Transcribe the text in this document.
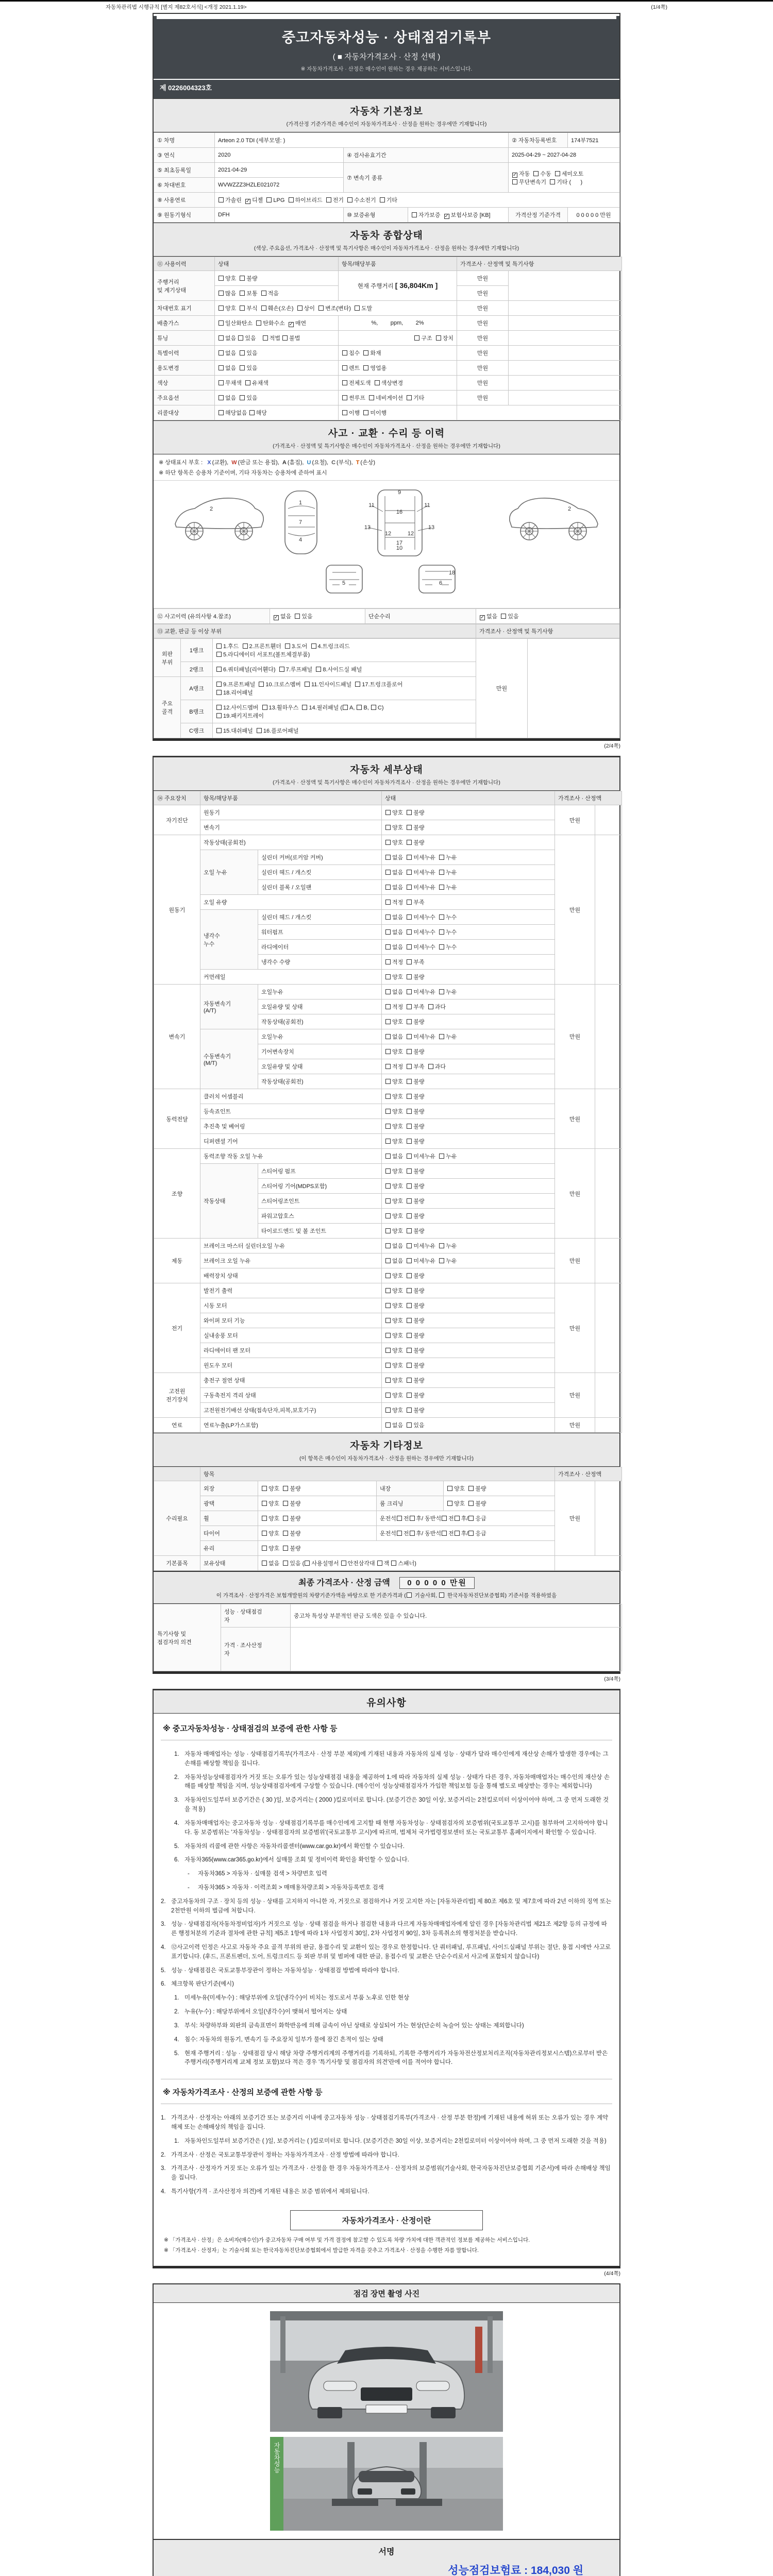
자동차관리법 시행규칙 [별지 제82호서식] <개정 2021.1.19>	(1/4쪽)
중고자동차성능 · 상태점검기록부
( ■ 자동차가격조사 · 산정 선택 )
※ 자동차가격조사 · 산정은 매수인이 원하는 경우 제공하는 서비스입니다.
제 0226004323호
자동차 기본정보
(가격산정 기준가격은 매수인이 자동차가격조사 · 산정을 원하는 경우에만 기재합니다)
① 차명	Arteon 2.0 TDI (세부모델: )			② 자동차등록번호	174부7521
③ 연식	2020	④ 검사유효기간		2025-04-29 ~ 2027-04-28	
⑤ 최초등록일	2021-04-29	⑦ 변속기 종류		✓ 자동  수동  세미오토
무단변속기  기타 (      )	
⑥ 차대번호	WVWZZZ3HZLE021072				
⑧ 사용연료	가솔린  ✓ 디젤  LPG  하이브리드  전기  수소전기  기타				
⑨ 원동기형식	DFH	⑩ 보증유형	자가보증  ✓ 보험사보증 [KB]	가격산정 기준가격	0 0 0 0 0 만원
자동차 종합상태
(색상, 주요옵션, 가격조사 · 산정액 및 특기사항은 매수인이 자동차가격조사 · 산정을 원하는 경우에만 기재합니다)
⑪ 사용이력	상태	항목/해당부품	가격조사 · 산정액 및 특기사항	
주행거리
및 계기상태	양호  불량	현재 주행거리 [ 36,804Km ]	만원	
	많음  보통  적음		만원	
차대번호 표기	양호  부식  훼손(오손)  상이  변조(변타)  도말		만원	
배출가스	일산화탄소  탄화수소  ✓ 매연	%,        ppm,        2%	만원	
튜닝	없음 있음    적법 불법	구조  장치	만원	
특별이력	없음  있음	침수  화재	만원	
용도변경	없음  있음	렌트  영업용	만원	
색상	무채색  유채색	전체도색  색상변경	만원	
주요옵션	없음  있음	썬루프  네비게이션  기타	만원	
리콜대상	해당없음 해당	이행  미이행		
사고 · 교환 · 수리 등 이력
(가격조사 · 산정액 및 특기사항은 매수인이 자동차가격조사 · 산정을 원하는 경우에만 기재합니다)
※ 상태표시 부호 : X (교환), W (판금 또는 용접), A (흠집), U (요철), C (부식), T (손상)
※ 하단 항목은 승용차 기준이며, 기타 자동차는 승용차에 준하여 표시
2
1
7
4
9
11	11
13	13
12	12
10
16
17
2
5	6
18
⑫ 사고이력 (유의사항 4.참조)	✓ 없음  있음	단순수리	✓ 없음  있음
⑬ 교환, 판금 등 이상 부위	가격조사 · 산정액 및 특기사항
외판
부위	1랭크	1.후드  2.프론트휀더  3.도어  4.트렁크리드
5.라디에이터 서포트(볼트체결부품)	만원	
	2랭크	6.쿼터패널(리어휀다)  7.루프패널  8.사이드실 패널		
주요
골격	A랭크	9.프론트패널  10.크로스멤버  11.인사이드패널  17.트렁크플로어
18.리어패널		
	B랭크	12.사이드멤버  13.휠하우스  14.필러패널 ( A, B, C)
19.패키지트레이		
	C랭크	15.대쉬패널  16.플로어패널		
(2/4쪽)
자동차 세부상태
(가격조사 · 산정액 및 특기사항은 매수인이 자동차가격조사 · 산정을 원하는 경우에만 기재합니다)
⑭ 주요장치	항목/해당부품		상태	가격조사 · 산정액	
자기진단	원동기		양호  불량	만원	
	변속기		양호  불량		
원동기	작동상태(공회전)		양호  불량	만원	
	오일 누유	실린더 커버(로커암 커버)	없음  미세누유  누유		
		실린더 헤드 / 개스킷	없음  미세누유  누유		
		실린더 블록 / 오일팬	없음  미세누유  누유		
	오일 유량		적정  부족		
	냉각수
누수	실린더 헤드 / 개스킷	없음  미세누수  누수		
		워터펌프	없음  미세누수  누수		
		라디에이터	없음  미세누수  누수		
		냉각수 수량	적정  부족		
	커먼레일		양호  불량		
변속기	자동변속기
(A/T)	오일누유	없음  미세누유  누유	만원	
		오일유량 및 상태	적정  부족  과다		
		작동상태(공회전)	양호  불량		
	수동변속기
(M/T)	오일누유	없음  미세누유  누유		
		기어변속장치	양호  불량		
		오일유량 및 상태	적정  부족  과다		
		작동상태(공회전)	양호  불량		
동력전달	클러치 어셈블리		양호  불량	만원	
	등속죠인트		양호  불량		
	추진축 및 베어링		양호  불량		
	디퍼렌셜 기어		양호  불량		
조향	동력조향 작동 오일 누유		없음  미세누유  누유	만원	
	작동상태	스티어링 펌프	양호  불량		
		스티어링 기어(MDPS포함)	양호  불량		
		스티어링조인트	양호  불량		
		파워고압호스	양호  불량		
		타이로드엔드 및 볼 조인트	양호  불량		
제동	브레이크 마스터 실린더오일 누유		없음  미세누유  누유	만원	
	브레이크 오일 누유		없음  미세누유  누유		
	배력장치 상태		양호  불량		
전기	발전기 출력		양호  불량	만원	
	시동 모터		양호  불량		
	와이퍼 모터 기능		양호  불량		
	실내송풍 모터		양호  불량		
	라디에이터 팬 모터		양호  불량		
	윈도우 모터		양호  불량		
고전원
전기장치	충전구 절연 상태		양호  불량	만원	
	구동축전지 격리 상태		양호  불량		
	고전원전기배선 상태(접속단자,피복,보호기구)		양호  불량		
연료	연료누출(LP가스포함)		없음  있음	만원	
자동차 기타정보
(이 항목은 매수인이 자동차가격조사 · 산정을 원하는 경우에만 기재합니다)
	항목				가격조사 · 산정액	
수리필요	외장	양호  불량	내장	양호  불량	만원	
	광택	양호  불량	룸 크리닝	양호  불량		
	휠	양호  불량	운전석 전 후/ 동반석 전 후/ 응급			
	타이어	양호  불량	운전석 전 후/ 동반석 전 후/ 응급			
	유리	양호  불량				
기본품목	보유상태	없음  있음 ( 사용설명서 안전삼각대 잭 스패너)				
최종 가격조사 · 산정 금액 0 0 0 0 0 만원
이 가격조사 · 산정가격은 보험개발원의 차량기준가액을 바탕으로 한 기준가격과 ( 기술사회,  한국자동차진단보증협회) 기준서를 적용하였음
특기사항 및
점검자의 의견	성능 · 상태점검
자	중고차 특성상 부분적인 판금 도색은 있을 수 있습니다.
	가격 · 조사산정
자	
(3/4쪽)
유의사항
※ 중고자동차성능 · 상태점검의 보증에 관한 사항 등
1. 자동차 매매업자는 성능 · 상태점검기록부(가격조사 · 산정 부분 제외)에 기재된 내용과 자동차의 실제 성능 · 상태가 달라 매수인에게 재산상 손해가 발생한 경우에는 그 손해를 배상할 책임을 집니다.
2. 자동차성능상태점검자가 거짓 또는 오류가 있는 성능상태점검 내용을 제공하여 1.에 따라 자동차의 실제 성능 · 상태가 다른 경우, 자동차매매업자는 매수인의 재산상 손해를 배상할 책임을 지며, 성능상태점검자에게 구상할 수 있습니다. (매수인이 성능상태점검자가 가입한 책임보험 등을 통해 별도로 배상받는 경우는 제외합니다)
3. 자동차인도일부터 보증기간은 ( 30 )일, 보증거리는 ( 2000 )킬로미터로 합니다. (보증기간은 30일 이상, 보증거리는 2천킬로미터 이상이어야 하며, 그 중 먼저 도래한 것을 적용)
4. 자동차매매업자는 중고자동차 성능 · 상태점검기록부를 매수인에게 고지할 때 현행 자동차성능 · 상태점검자의 보증범위(국토교통부 고시)를 첨부하여 고지하여야 합니다. 동 보증범위는 '자동차성능 · 상태점검자의 보증범위'(국토교통부 고시)에 따르며, 법제처 국가법령정보센터 또는 국토교통부 홈페이지에서 확인할 수 있습니다.
5. 자동차의 리콜에 관한 사항은 자동차리콜센터(www.car.go.kr)에서 확인할 수 있습니다.
6. 자동차365(www.car365.go.kr)에서 실매물 조회 및 정비이력 확인을 확인할 수 있습니다.
-	자동차365 > 자동차 · 실매물 검색 > 차량번호 입력
-	자동차365 > 자동차 · 이력조회 > 매매용차량조회 > 자동차등록번호 검색
2. 중고자동차의 구조 · 장치 등의 성능 · 상태를 고지하지 아니한 자, 거짓으로 점검하거나 거짓 고지한 자는 [자동차관리법] 제 80조 제6호 및 제7호에 따라 2년 이하의 징역 또는 2천만원 이하의 벌금에 처합니다.
3. 성능 · 상태점검자(자동차정비업자)가 거짓으로 성능 · 상태 점검을 하거나 점검한 내용과 다르게 자동차매매업자에게 알린 경우 [자동차관리법 제21조 제2항 등의 규정에 따른 행정처분의 기준과 절차에 관한 규칙] 제5조 1항에 따라 1차 사업정지 30일, 2차 사업정지 90일, 3차 등록취소의 행정처분을 받습니다.
4. ⑫사고이력 인정은 사고로 자동차 주요 골격 부위의 판금, 용접수리 및 교환이 있는 경우로 한정합니다. 단 쿼터패널, 루프패널, 사이드실패널 부위는 절단, 용접 시에만 사고로 표기합니다. (후드, 프론트펜더, 도어, 트렁크리드 등 외판 부위 및 범퍼에 대한 판금, 용접수리 및 교환은 단순수리로서 사고에 포함되지 않습니다)
5. 성능 · 상태점검은 국토교통부장관이 정하는 자동차성능 · 상태점검 방법에 따라야 합니다.
6. 체크항목 판단기준(예시)
1. 미세누유(미세누수) : 해당부위에 오일(냉각수)이 비치는 정도로서 부품 노후로 인한 현상
2. 누유(누수) : 해당부위에서 오일(냉각수)이 맺혀서 떨어지는 상태
3. 부식: 차량하부와 외판의 금속표면이 화학반응에 의해 금속이 아닌 상태로 상실되어 가는 현상(단순히 녹슬어 있는 상태는 제외합니다)
4. 침수: 자동차의 원동기, 변속기 등 주요장치 일부가 물에 잠긴 흔적이 있는 상태
5. 현재 주행거리 : 성능 · 상태점검 당시 해당 차량 주행거리계의 주행거리를 기록하되, 기록한 주행거리가 자동차전산정보처리조직(자동차관리정보시스템)으로부터 받은 주행거리(주행거리계 교체 정보 포함)보다 적은 경우 '특기사항 및 점검자의 의견'란에 이를 적어야 합니다.
※ 자동차가격조사 · 산정의 보증에 관한 사항 등
1. 가격조사 · 산정자는 아래의 보증기간 또는 보증거리 이내에 중고자동차 성능 · 상태점검기록부(가격조사 · 산정 부분 한정)에 기재된 내용에 허위 또는 오류가 있는 경우 계약 해제 또는 손해배상의 책임을 집니다.
1. 자동차인도일부터 보증기간은 ( )일, 보증거리는 ( )킬로미터로 합니다. (보증기간은 30일 이상, 보증거리는 2천킬로미터 이상이어야 하며, 그 중 먼저 도래한 것을 적용)
2. 가격조사 · 산정은 국토교통부장관이 정하는 자동차가격조사 · 산정 방법에 따라야 합니다.
3. 가격조사 · 산정자가 거짓 또는 오류가 있는 가격조사 · 산정을 한 경우 자동차가격조사 · 산정자의 보증범위(기술사회, 한국자동차진단보증협회 기준서)에 따라 손해배상 책임을 집니다.
4. 특기사항(가격 · 조사산정자 의견)에 기재된 내용은 보증 범위에서 제외됩니다.
자동차가격조사 · 산정이란
※ 「가격조사 · 산정」은 소비자(매수인)가 중고자동차 구매 여부 및 가격 결정에 참고할 수 있도록 차량 가치에 대한 객관적인 정보를 제공하는 서비스입니다.
※ 「가격조사 · 산정자」는 기술사회 또는 한국자동차진단보증협회에서 발급한 자격을 갖추고 가격조사 · 산정을 수행한 자를 말합니다.
(4/4쪽)
점검 장면 촬영 사진
자동차성능
서명
성능점검보험료 : 184,030 원
